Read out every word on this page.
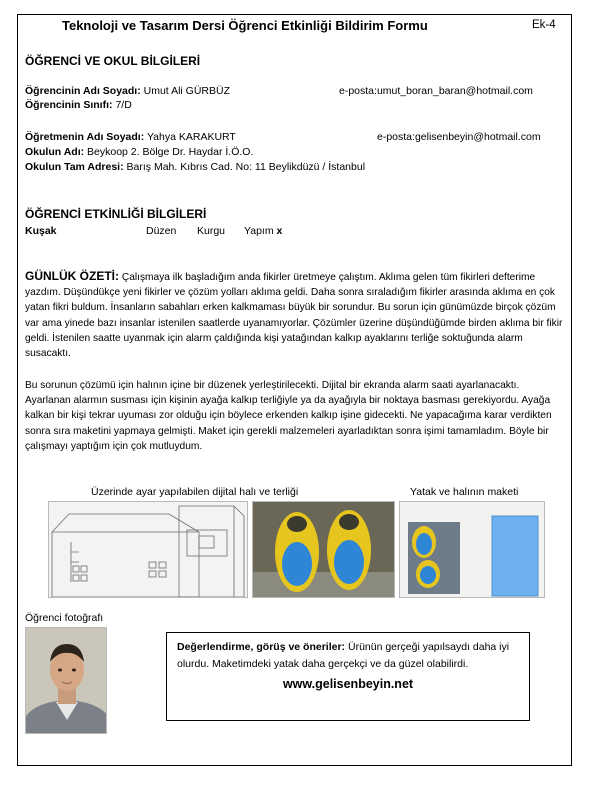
Teknoloji ve Tasarım Dersi Öğrenci Etkinliği Bildirim Formu	Ek-4
ÖĞRENCİ VE OKUL BİLGİLERİ
Öğrencinin Adı Soyadı: Umut Ali GÜRBÜZ	e-posta:umut_boran_baran@hotmail.com
Öğrencinin Sınıfı: 7/D
Öğretmenin Adı Soyadı: Yahya KARAKURT	e-posta:gelisenbeyin@hotmail.com
Okulun Adı: Beykoop 2. Bölge Dr. Haydar İ.Ö.O.
Okulun Tam Adresi: Barış Mah. Kıbrıs Cad. No: 11 Beylikdüzü / İstanbul
ÖĞRENCİ ETKİNLİĞİ BİLGİLERİ
Kuşak	Düzen Kurgu Yapım x
GÜNLÜK ÖZETİ: Çalışmaya ilk başladığım anda fikirler üretmeye çalıştım. Aklıma gelen tüm fikirleri defterime yazdım. Düşündükçe yeni fikirler ve çözüm yolları aklıma geldi. Daha sonra sıraladığım fikirler arasında aklıma en çok yatan fikri buldum. İnsanların sabahları erken kalkmaması büyük bir sorundur. Bu sorun için günümüzde birçok çözüm var ama yinede bazı insanlar istenilen saatlerde uyanamıyorlar. Çözümler üzerine düşündüğümde birden aklıma bir fikir geldi. İstenilen saatte uyanmak için alarm çaldığında kişi yatağından kalkıp ayaklarını terliğe soktuğunda alarm susacaktı.
Bu sorunun çözümü için halının içine bir düzenek yerleştirilecekti. Dijital bir ekranda alarm saati ayarlanacaktı. Ayarlanan alarmın susması için kişinin ayağa kalkıp terliğiyle ya da ayağıyla bir noktaya basması gerekiyordu. Ayağa kalkan bir kişi tekrar uyuması zor olduğu için böylece erkenden kalkıp işine gidecekti. Ne yapacağıma karar verdikten sonra sıra maketini yapmaya gelmişti. Maket için gerekli malzemeleri ayarladıktan sonra işimi tamamladım. Böyle bir çalışmayı yaptığım için çok mutluydum.
Üzerinde ayar yapılabilen dijital halı ve terliği	Yatak ve halının maketi
Öğrenci fotoğrafı
Değerlendirme, görüş ve öneriler: Ürünün gerçeği yapılsaydı daha iyi olurdu. Maketimdeki yatak daha gerçekçi ve da güzel olabilirdi.
www.gelisenbeyin.net
